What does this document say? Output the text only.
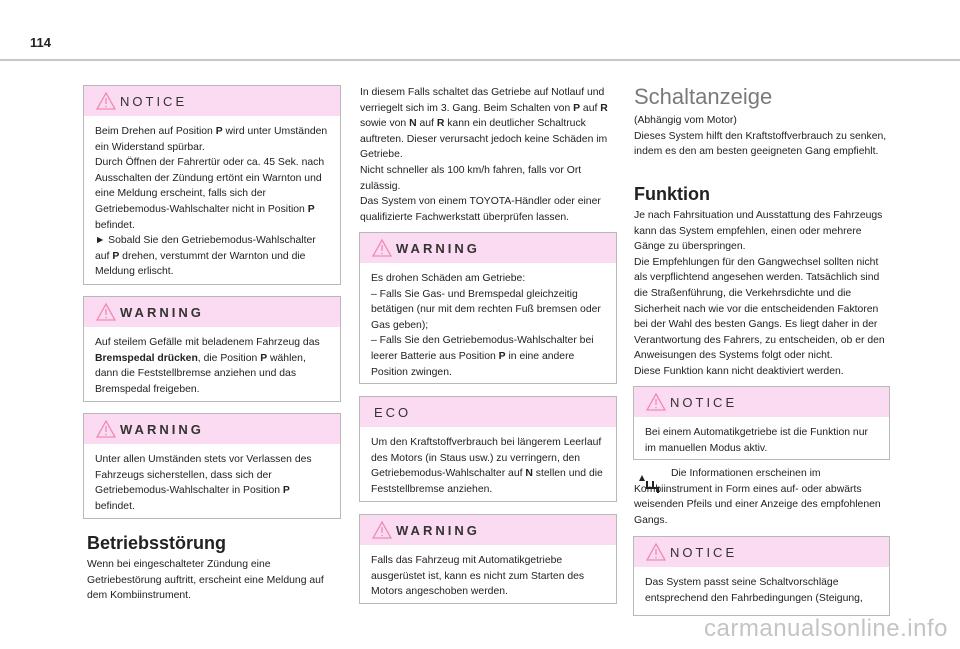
114
NOTICE

Beim Drehen auf Position P wird unter Umständen ein Widerstand spürbar.

Durch Öffnen der Fahrertür oder ca. 45 Sek. nach Ausschalten der Zündung ertönt ein Warnton und eine Meldung erscheint, falls sich der Getriebemodus-Wahlschalter nicht in Position P befindet.

► Sobald Sie den Getriebemodus-Wahlschalter auf P drehen, verstummt der Warnton und die Meldung erlischt.

WARNING

Auf steilem Gefälle mit beladenem Fahrzeug das Bremspedal drücken, die Position P wählen, dann die Feststellbremse anziehen und das Bremspedal freigeben.

WARNING

Unter allen Umständen stets vor Verlassen des Fahrzeugs sicherstellen, dass sich der Getriebemodus-Wahlschalter in Position P befindet.

Betriebsstörung

Wenn bei eingeschalteter Zündung eine Getriebestörung auftritt, erscheint eine Meldung auf dem Kombiinstrument.

In diesem Falls schaltet das Getriebe auf Notlauf und verriegelt sich im 3. Gang. Beim Schalten von P auf R sowie von N auf R kann ein deutlicher Schaltruck auftreten. Dieser verursacht jedoch keine Schäden im Getriebe.

Nicht schneller als 100 km/h fahren, falls vor Ort zulässig.

Das System von einem TOYOTA-Händler oder einer qualifizierte Fachwerkstatt überprüfen lassen.

WARNING

Es drohen Schäden am Getriebe:

– Falls Sie Gas- und Bremspedal gleichzeitig betätigen (nur mit dem rechten Fuß bremsen oder Gas geben);

– Falls Sie den Getriebemodus-Wahlschalter bei leerer Batterie aus Position P in eine andere Position zwingen.

ECO

Um den Kraftstoffverbrauch bei längerem Leerlauf des Motors (in Staus usw.) zu verringern, den Getriebemodus-Wahlschalter auf N stellen und die Feststellbremse anziehen.

WARNING

Falls das Fahrzeug mit Automatikgetriebe ausgerüstet ist, kann es nicht zum Starten des Motors angeschoben werden.

Schaltanzeige

(Abhängig vom Motor)

Dieses System hilft den Kraftstoffverbrauch zu senken, indem es den am besten geeigneten Gang empfiehlt.

Funktion

Je nach Fahrsituation und Ausstattung des Fahrzeugs kann das System empfehlen, einen oder mehrere Gänge zu überspringen.

Die Empfehlungen für den Gangwechsel sollten nicht als verpflichtend angesehen werden. Tatsächlich sind die Straßenführung, die Verkehrsdichte und die Sicherheit nach wie vor die entscheidenden Faktoren bei der Wahl des besten Gangs. Es liegt daher in der Verantwortung des Fahrers, zu entscheiden, ob er den Anweisungen des Systems folgt oder nicht.

Diese Funktion kann nicht deaktiviert werden.

NOTICE

Bei einem Automatikgetriebe ist die Funktion nur im manuellen Modus aktiv.

Die Informationen erscheinen im Kombiinstrument in Form eines auf- oder abwärts weisenden Pfeils und einer Anzeige des empfohlenen Gangs.

NOTICE

Das System passt seine Schaltvorschläge entsprechend den Fahrbedingungen (Steigung,

carmanualsonline.info
